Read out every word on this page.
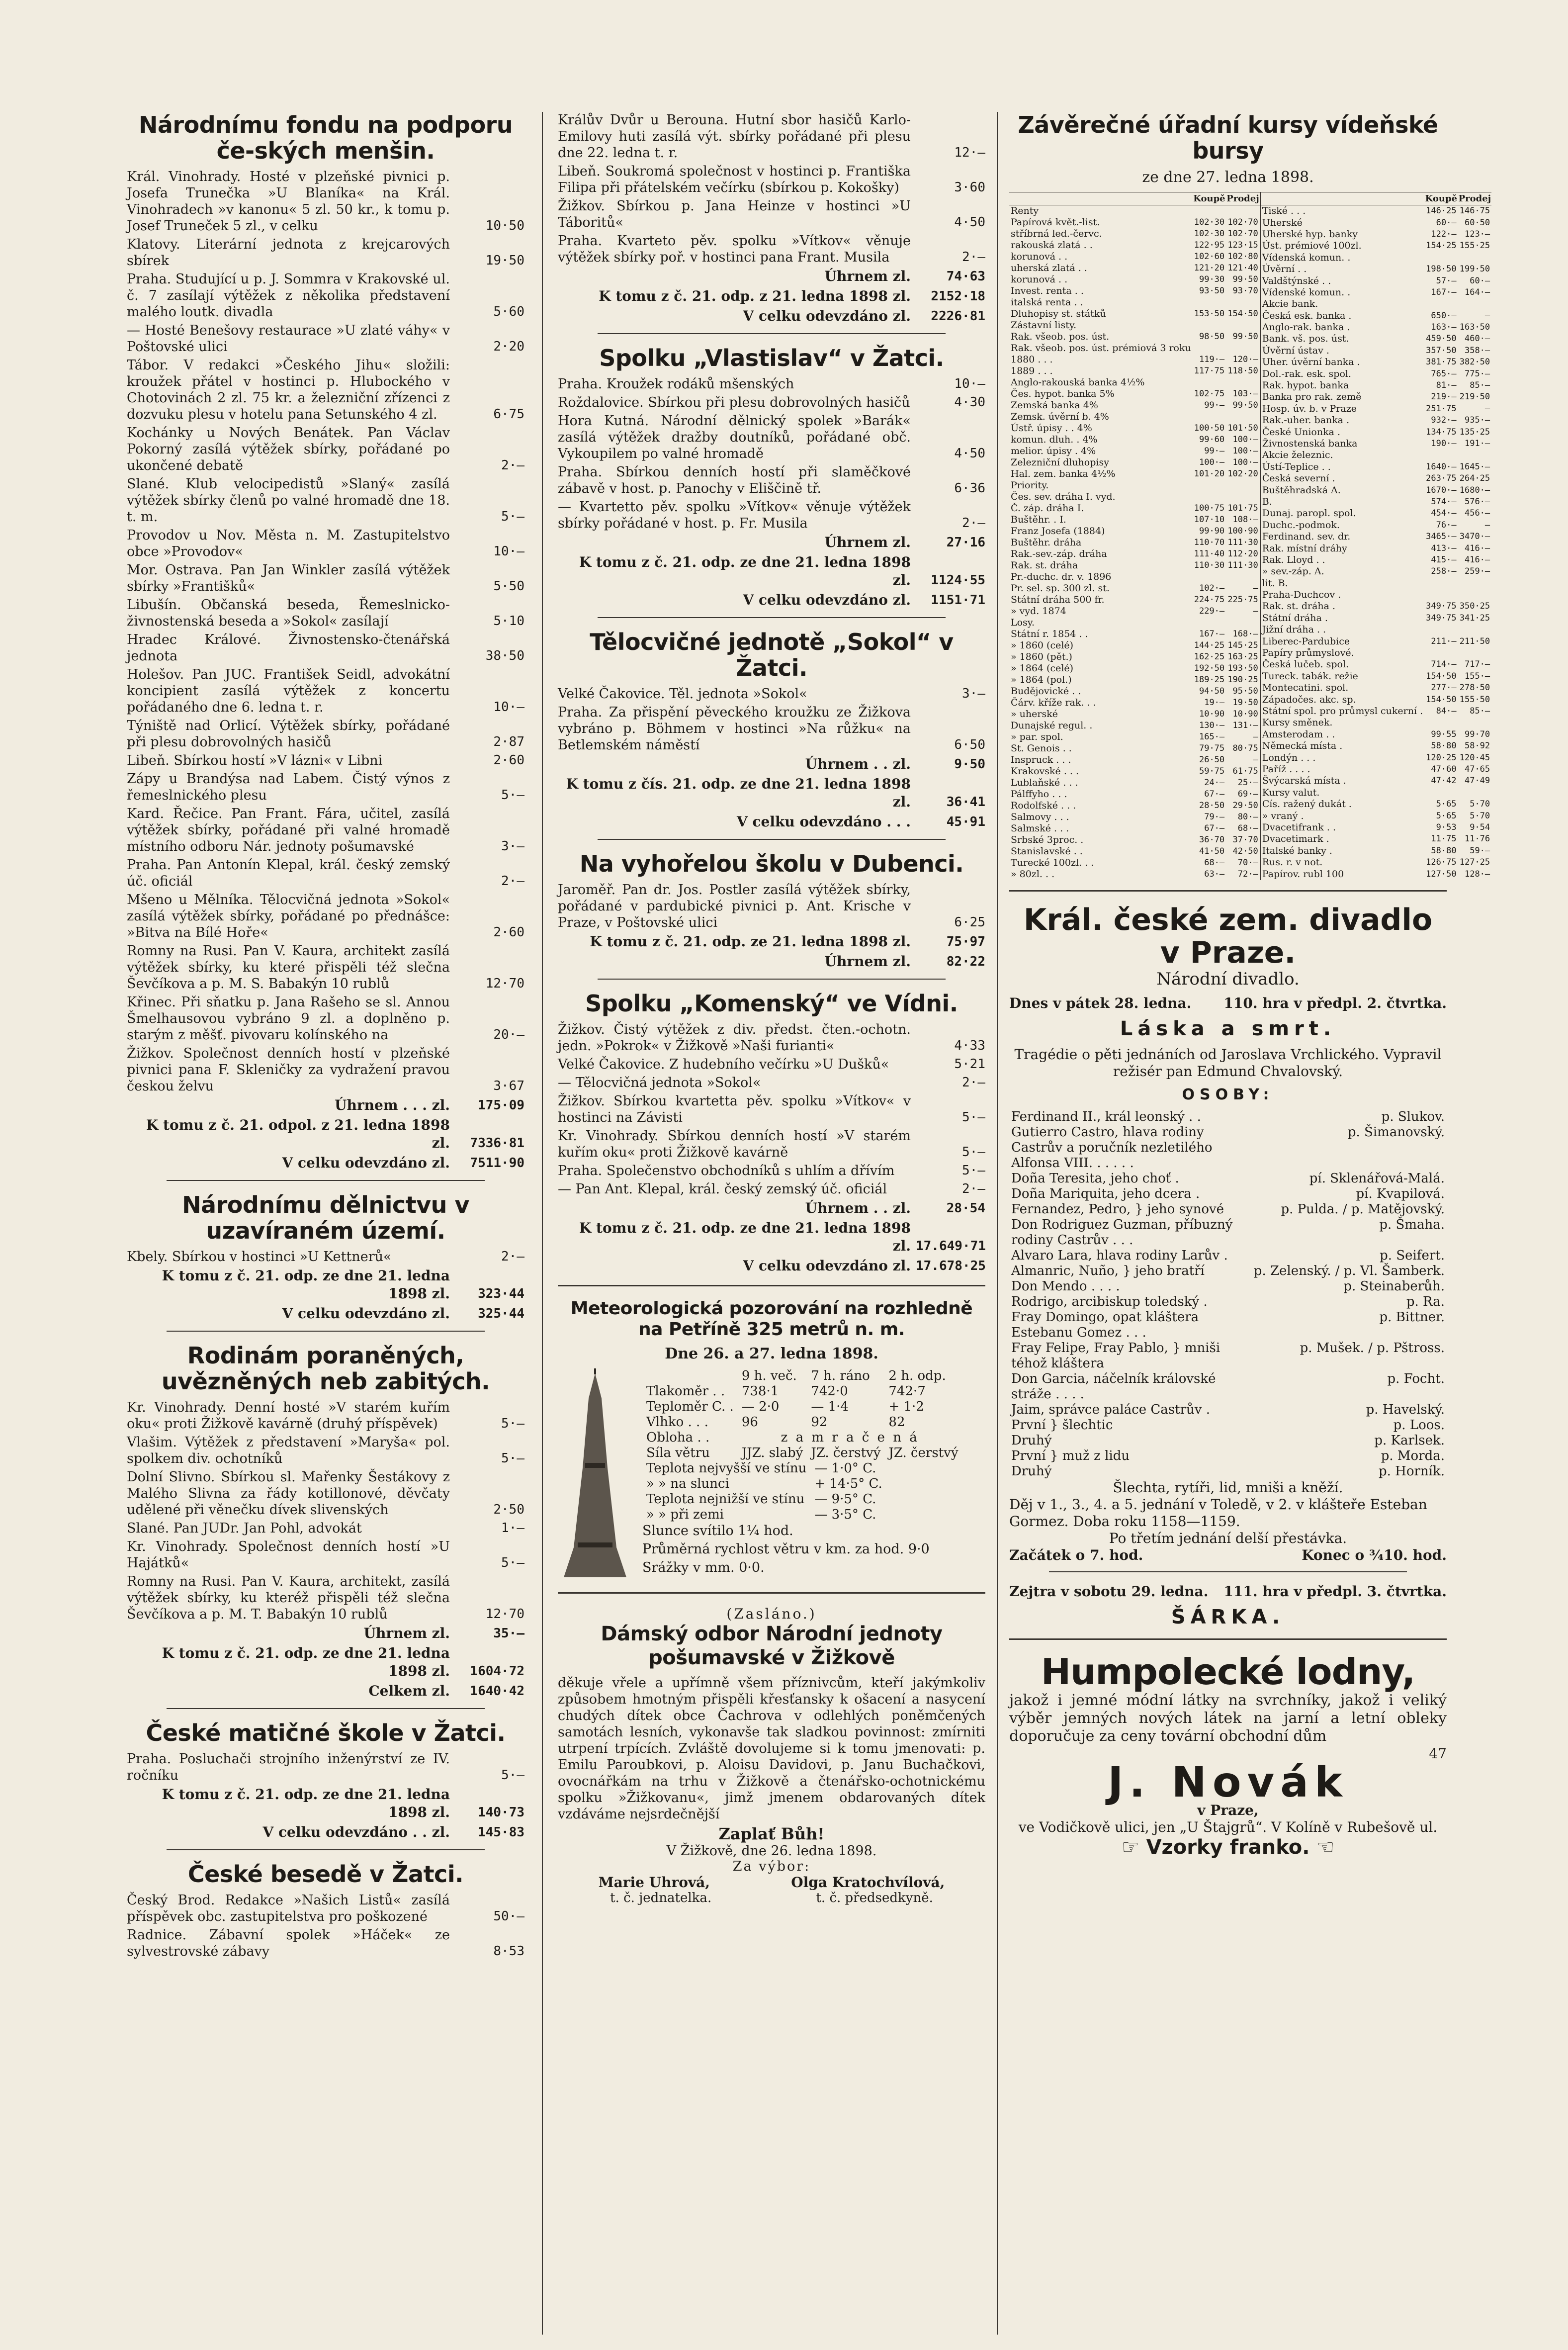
Národnímu fondu na podporu če-ských menšin.
Král. Vinohrady. Hosté v plzeňské pivnici p. Josefa Trunečka »U Blaníka« na Král. Vinohradech »v kanonu« 5 zl. 50 kr., k tomu p. Josef Truneček 5 zl., v celku	10·50
Klatovy. Literární jednota z krejcarových sbírek	19·50
Praha. Studující u p. J. Sommra v Krakovské ul. č. 7 zasílají výtěžek z několika představení malého loutk. divadla	5·60
— Hosté Benešovy restaurace »U zlaté váhy« v Poštovské ulici	2·20
Tábor. V redakci »Českého Jihu« složili: kroužek přátel v hostinci p. Hlubockého v Chotovinách 2 zl. 75 kr. a železniční zřízenci z dozvuku plesu v hotelu pana Setunského 4 zl.	6·75
Kochánky u Nových Benátek. Pan Václav Pokorný zasílá výtěžek sbírky, pořádané po ukončené debatě	2·—
Slané. Klub velocipedistů »Slaný« zasílá výtěžek sbírky členů po valné hromadě dne 18. t. m.	5·—
Provodov u Nov. Města n. M. Zastupitelstvo obce »Provodov«	10·—
Mor. Ostrava. Pan Jan Winkler zasílá výtěžek sbírky »Františků«	5·50
Libušín. Občanská beseda, Řemeslnicko-živnostenská beseda a »Sokol« zasílají	5·10
Hradec Králové. Živnostensko-čtenářská jednota	38·50
Holešov. Pan JUC. František Seidl, advokátní koncipient zasílá výtěžek z koncertu pořádaného dne 6. ledna t. r.	10·—
Týniště nad Orlicí. Výtěžek sbírky, pořádané při plesu dobrovolných hasičů	2·87
Libeň. Sbírkou hostí »V lázni« v Libni	2·60
Zápy u Brandýsa nad Labem. Čistý výnos z řemeslnického plesu	5·—
Kard. Řečice. Pan Frant. Fára, učitel, zasílá výtěžek sbírky, pořádané při valné hromadě místního odboru Nár. jednoty pošumavské	3·—
Praha. Pan Antonín Klepal, král. český zemský úč. oficiál	2·—
Mšeno u Mělníka. Tělocvičná jednota »Sokol« zasílá výtěžek sbírky, pořádané po přednášce: »Bitva na Bílé Hoře«	2·60
Romny na Rusi. Pan V. Kaura, architekt zasílá výtěžek sbírky, ku které přispěli též slečna Ševčíkova a p. M. S. Babakýn 10 rublů	12·70
Křinec. Při sňatku p. Jana Rašeho se sl. Annou Šmelhausovou vybráno 9 zl. a doplněno p. starým z měšť. pivovaru kolínského na	20·—
Žižkov. Společnost denních hostí v plzeňské pivnici pana F. Skleničky za vydražení pravou českou želvu	3·67
Úhrnem . . . zl.	175·09
K tomu z č. 21. odpol. z 21. ledna 1898 zl.	7336·81
V celku odevzdáno zl.	7511·90
Národnímu dělnictvu v uzavíraném území.
Kbely. Sbírkou v hostinci »U Kettnerů«	2·—
K tomu z č. 21. odp. ze dne 21. ledna 1898 zl.	323·44
V celku odevzdáno zl.	325·44
Rodinám poraněných, uvězněných neb zabitých.
Kr. Vinohrady. Denní hosté »V starém kuřím oku« proti Žižkově kavárně (druhý příspěvek)	5·—
Vlašim. Výtěžek z představení »Maryša« pol. spolkem div. ochotníků	5·—
Dolní Slivno. Sbírkou sl. Mařenky Šestákovy z Malého Slivna za řády kotillonové, děvčaty udělené při věnečku dívek slivenských	2·50
Slané. Pan JUDr. Jan Pohl, advokát	1·—
Kr. Vinohrady. Společnost denních hostí »U Hajátků«	5·—
Romny na Rusi. Pan V. Kaura, architekt, zasílá výtěžek sbírky, ku kteréž přispěli též slečna Ševčíkova a p. M. T. Babakýn 10 rublů	12·70
Úhrnem zl.	35·—
K tomu z č. 21. odp. ze dne 21. ledna 1898 zl.	1604·72
Celkem zl.	1640·42
České matičné škole v Žatci.
Praha. Posluchači strojního inženýrství ze IV. ročníku	5·—
K tomu z č. 21. odp. ze dne 21. ledna 1898 zl.	140·73
V celku odevzdáno . . zl.	145·83
České besedě v Žatci.
Český Brod. Redakce »Našich Listů« zasílá příspěvek obc. zastupitelstva pro poškozené	50·—
Radnice. Zábavní spolek »Háček« ze sylvestrovské zábavy	8·53
Králův Dvůr u Berouna. Hutní sbor hasičů Karlo-Emilovy huti zasílá výt. sbírky pořádané při plesu dne 22. ledna t. r.	12·—
Libeň. Soukromá společnost v hostinci p. Františka Filipa při přátelském večírku (sbírkou p. Kokošky)	3·60
Žižkov. Sbírkou p. Jana Heinze v hostinci »U Táboritů«	4·50
Praha. Kvarteto pěv. spolku »Vítkov« věnuje výtěžek sbírky poř. v hostinci pana Frant. Musila	2·—
Úhrnem zl.	74·63
K tomu z č. 21. odp. z 21. ledna 1898 zl.	2152·18
V celku odevzdáno zl.	2226·81
Spolku „Vlastislav“ v Žatci.
Praha. Kroužek rodáků mšenských	10·—
Roždalovice. Sbírkou při plesu dobrovolných hasičů	4·30
Hora Kutná. Národní dělnický spolek »Barák« zasílá výtěžek dražby doutníků, pořádané obč. Vykoupilem po valné hromadě	4·50
Praha. Sbírkou denních hostí při slaměčkové zábavě v host. p. Panochy v Eliščině tř.	6·36
— Kvartetto pěv. spolku »Vítkov« věnuje výtěžek sbírky pořádané v host. p. Fr. Musila	2·—
Úhrnem zl.	27·16
K tomu z č. 21. odp. ze dne 21. ledna 1898 zl.	1124·55
V celku odevzdáno zl.	1151·71
Tělocvičné jednotě „Sokol“ v Žatci.
Velké Čakovice. Těl. jednota »Sokol«	3·—
Praha. Za přispění pěveckého kroužku ze Žižkova vybráno p. Böhmem v hostinci »Na růžku« na Betlemském náměstí	6·50
Úhrnem . . zl.	9·50
K tomu z čís. 21. odp. ze dne 21. ledna 1898 zl.	36·41
V celku odevzdáno . . .	45·91
Na vyhořelou školu v Dubenci.
Jaroměř. Pan dr. Jos. Postler zasílá výtěžek sbírky, pořádané v pardubické pivnici p. Ant. Krische v Praze, v Poštovské ulici	6·25
K tomu z č. 21. odp. ze 21. ledna 1898 zl.	75·97
Úhrnem zl.	82·22
Spolku „Komenský“ ve Vídni.
Žižkov. Čistý výtěžek z div. předst. čten.-ochotn. jedn. »Pokrok« v Žižkově »Naši furianti«	4·33
Velké Čakovice. Z hudebního večírku »U Dušků«	5·21
— Tělocvičná jednota »Sokol«	2·—
Žižkov. Sbírkou kvartetta pěv. spolku »Vítkov« v hostinci na Závisti	5·—
Kr. Vinohrady. Sbírkou denních hostí »V starém kuřím oku« proti Žižkově kavárně	5·—
Praha. Společenstvo obchodníků s uhlím a dřívím	5·—
— Pan Ant. Klepal, král. český zemský úč. oficiál	2·—
Úhrnem . . zl.	28·54
K tomu z č. 21. odp. ze dne 21. ledna 1898 zl. 17.649·71
V celku odevzdáno zl. 17.678·25
Meteorologická pozorování na rozhledně na Petříně 325 metrů n. m.
Dne 26. a 27. ledna 1898.
	9 h. več.	7 h. ráno	2 h. odp.
Tlakoměr . .	738·1	742·0	742·7
Teploměr C. .	— 2·0	— 1·4	+ 1·2
Vlhko . . .	96	92	82
Oblohа . .	z a m r a č e n á		
Síla větru	JJZ. slabý	JZ. čerstvý	JZ. čerstvý
Teplota nejvyšší ve stínu	— 1·0° C.
» » na slunci	+ 14·5° C.
Teplota nejnižší ve stínu	— 9·5° C.
» » při zemi	— 3·5° C.
Slunce svítilo 1¼ hod.
Průměrná rychlost větru v km. za hod. 9·0
Srážky v mm. 0·0.
(Zasláno.)
Dámský odbor Národní jednoty pošumavské v Žižkově
děkuje vřele a upřímně všem příznivcům, kteří jakýmkoliv způsobem hmotným přispěli křesťansky k ošacení a nasycení chudých dítek obce Čachrova v odlehlých poněmčených samotách lesních, vykonavše tak sladkou povinnost: zmírniti utrpení trpících. Zvláště dovolujeme si k tomu jmenovati: p. Emilu Paroubkovi, p. Aloisu Davidovi, p. Janu Buchačkovi, ovocnářkám na trhu v Žižkově a čtenářsko-ochotnickému spolku »Žižkovanu«, jimž jmenem obdarovaných dítek vzdáváme nejsrdečnější
Zaplať Bůh!
V Žižkově, dne 26. ledna 1898.
Za výbor:
Marie Uhrová,	Olga Kratochvílová,
t. č. jednatelka.	t. č. předsedkyně.
Závěrečné úřadní kursy vídeňské bursy
ze dne 27. ledna 1898.
	Koupě	Prodej
Renty		
Papírová květ.-list.	102·30	102·70
stříbrná led.-červc.	102·30	102·70
rakouská zlatá . .	122·95	123·15
korunová . .	102·60	102·80
uherská zlatá . .	121·20	121·40
korunová . .	99·30	99·50
Invest. renta . .	93·50	93·70
italská renta . .		
Dluhopisy st. státků	153·50	154·50
Zástavní listy.		
Rak. všeob. pos. úst.	98·50	99·50
Rak. všeob. pos. úst. prémiová 3 roku		
1880 . . .	119·—	120·—
1889 . . .	117·75	118·50
Anglo-rakouská banka 4½%		
Čes. hypot. banka 5%	102·75	103·—
Zemská banka 4%	99·—	99·50
Zemsk. úvěrní b. 4%		
Ústř. úpisy . . 4%	100·50	101·50
komun. dluh. . 4%	99·60	100·—
melior. úpisy . 4%	99·—	100·—
Zelezniční dluhopisy	100·—	100·—
Hal. zem. banka 4½%	101·20	102·20
Priority.		
Čes. sev. dráha I. vyd.		
Č. záp. dráha I.	100·75	101·75
Buštěhr. . I.	107·10	108·—
Franz Josefa (1884)	99·90	100·90
Buštěhr. dráha	110·70	111·30
Rak.-sev.-záp. dráha	111·40	112·20
Rak. st. dráha	110·30	111·30
Pr.-duchc. dr. v. 1896		
Pr. sel. sp. 300 zl. st.	102·—	—
Státní dráha 500 fr.	224·75	225·75
» vyd. 1874	229·—	—
Losy.		
Státní r. 1854 . .	167·—	168·—
» 1860 (celé)	144·25	145·25
» 1860 (pět.)	162·25	163·25
» 1864 (celé)	192·50	193·50
» 1864 (pol.)	189·25	190·25
Budějovické . .	94·50	95·50
Čárv. kříže rak. . .	19·—	19·50
» uherské	10·90	10·90
Dunajské regul. .	130·—	131·—
» par. spol.	165·—	—
St. Genois . .	79·75	80·75
Inspruck . . .	26·50	—
Krakovské . . .	59·75	61·75
Lublaňské . . .	24·—	25·—
Pálffyho . . .	67·—	69·—
Rodolfské . . .	28·50	29·50
Salmovy . . .	79·—	80·—
Salmské . . .	67·—	68·—
Srbské 3proc. .	36·70	37·70
Stanislavské . .	41·50	42·50
Turecké 100zl. . .	68·—	70·—
» 80zl. . .	63·—	72·—
	Koupě	Prodej
Tiské . . .	146·25	146·75
Uherské	60·—	60·50
Uherské hyp. banky	122·—	123·—
Úst. prémiové 100zl.	154·25	155·25
Vídenská komun. .		
Úvěrní . .	198·50	199·50
Valdštýnské . .	57·—	60·—
Vídenské komun. .	167·—	164·—
Akcie bank.		
Česká esk. banka .	650·—	—
Anglo-rak. banka .	163·—	163·50
Bank. vš. pos. úst.	459·50	460·—
Úvěrní ústav .	357·50	358·—
Uher. úvěrní banka .	381·75	382·50
Dol.-rak. esk. spol.	765·—	775·—
Rak. hypot. banka	81·—	85·—
Banka pro rak. země	219·—	219·50
Hosp. úv. b. v Praze	251·75	—
Rak.-uher. banka .	932·—	935·—
České Unionka .	134·75	135·25
Živnostenská banka	190·—	191·—
Akcie železnic.		
Ústí-Teplice . .	1640·—	1645·—
Česká severní .	263·75	264·25
Buštěhradská A.	1670·—	1680·—
B.	574·—	576·—
Dunaj. paropl. spol.	454·—	456·—
Duchc.-podmok.	76·—	—
Ferdinand. sev. dr.	3465·—	3470·—
Rak. místní dráhy	413·—	416·—
Rak. Lloyd . .	415·—	416·—
» sev.-záp. A.	258·—	259·—
lit. B.		
Praha-Duchcov .		
Rak. st. dráha .	349·75	350·25
Státní dráha .	349·75	341·25
Jižní dráha . .		
Liberec-Pardubice	211·—	211·50
Papíry průmyslové.		
Česká lučeb. spol.	714·—	717·—
Tureck. tabák. režie	154·50	155·—
Montecatini. spol.	277·—	278·50
Západočes. akc. sp.	154·50	155·50
Státní spol. pro průmysl cukerní .	84·—	85·—
Kursy směnek.		
Amsterodam . .	99·55	99·70
Německá místa .	58·80	58·92
Londýn . . .	120·25	120·45
Paříž . . . .	47·60	47·65
Švýcarská místa .	47·42	47·49
Kursy valut.		
Cís. ražený dukát .	5·65	5·70
» vraný .	5·65	5·70
Dvacetifrank . .	9·53	9·54
Dvacetimark .	11·75	11·76
Italské banky .	58·80	59·—
Rus. r. v not.	126·75	127·25
Papírov. rubl 100	127·50	128·—
Král. české zem. divadlo v Praze.
Národní divadlo.
Dnes v pátek 28. ledna. 110. hra v předpl. 2. čtvrtka.
Láska a smrt.
Tragédie o pěti jednáních od Jaroslava Vrchlického. Vypravil režisér pan Edmund Chvalovský.
OSOBY:
Ferdinand II., král leonský . .	p. Slukov.
Gutierro Castro, hlava rodiny Castrův a poručník nezletilého Alfonsa VIII. . . . . .	p. Šimanovský.
Doña Teresita, jeho choť .	pí. Sklenářová-Malá.
Doña Mariquita, jeho dcera .	pí. Kvapilová.
Fernandez, Pedro, } jeho synové	p. Pulda. / p. Matějovský.
Don Rodriguez Guzman, příbuzný rodiny Castrův . . .	p. Šmaha.
Alvaro Lara, hlava rodiny Larův .	p. Seifert.
Almanric, Nuño, } jeho bratří	p. Zelenský. / p. Vl. Šamberk.
Don Mendo . . . .	p. Steinaberůh.
Rodrigo, arcibiskup toledský .	p. Ra.
Fray Domingo, opat kláštera Estebanu Gomez . . .	p. Bittner.
Fray Felipe, Fray Pablo, } mniši téhož kláštera	p. Mušek. / p. Pštross.
Don Garcia, náčelník královské stráže . . . .	p. Focht.
Jaim, správce paláce Castrův .	p. Havelský.
První } šlechtic	p. Loos.
Druhý	p. Karlsek.
První } muž z lidu	p. Morda.
Druhý	p. Horník.
Šlechta, rytíři, lid, mniši a kněží.
Děj v 1., 3., 4. a 5. jednání v Toledě, v 2. v klášteře Esteban Gormez. Doba roku 1158—1159.
Po třetím jednání delší přestávka.
Začátek o 7. hod.	Konec o ¾10. hod.
Zejtra v sobotu 29. ledna. 111. hra v předpl. 3. čtvrtka.
ŠÁRKA.
Humpolecké lodny,
jakož i jemné módní látky na svrchníky, jakož i veliký výběr jemných nových látek na jarní a letní obleky doporučuje za ceny tovární obchodní dům
47
J. Novák
v Praze,
ve Vodičkově ulici, jen „U Štajgrů“. V Kolíně v Rubešově ul.
☞ Vzorky franko. ☜
